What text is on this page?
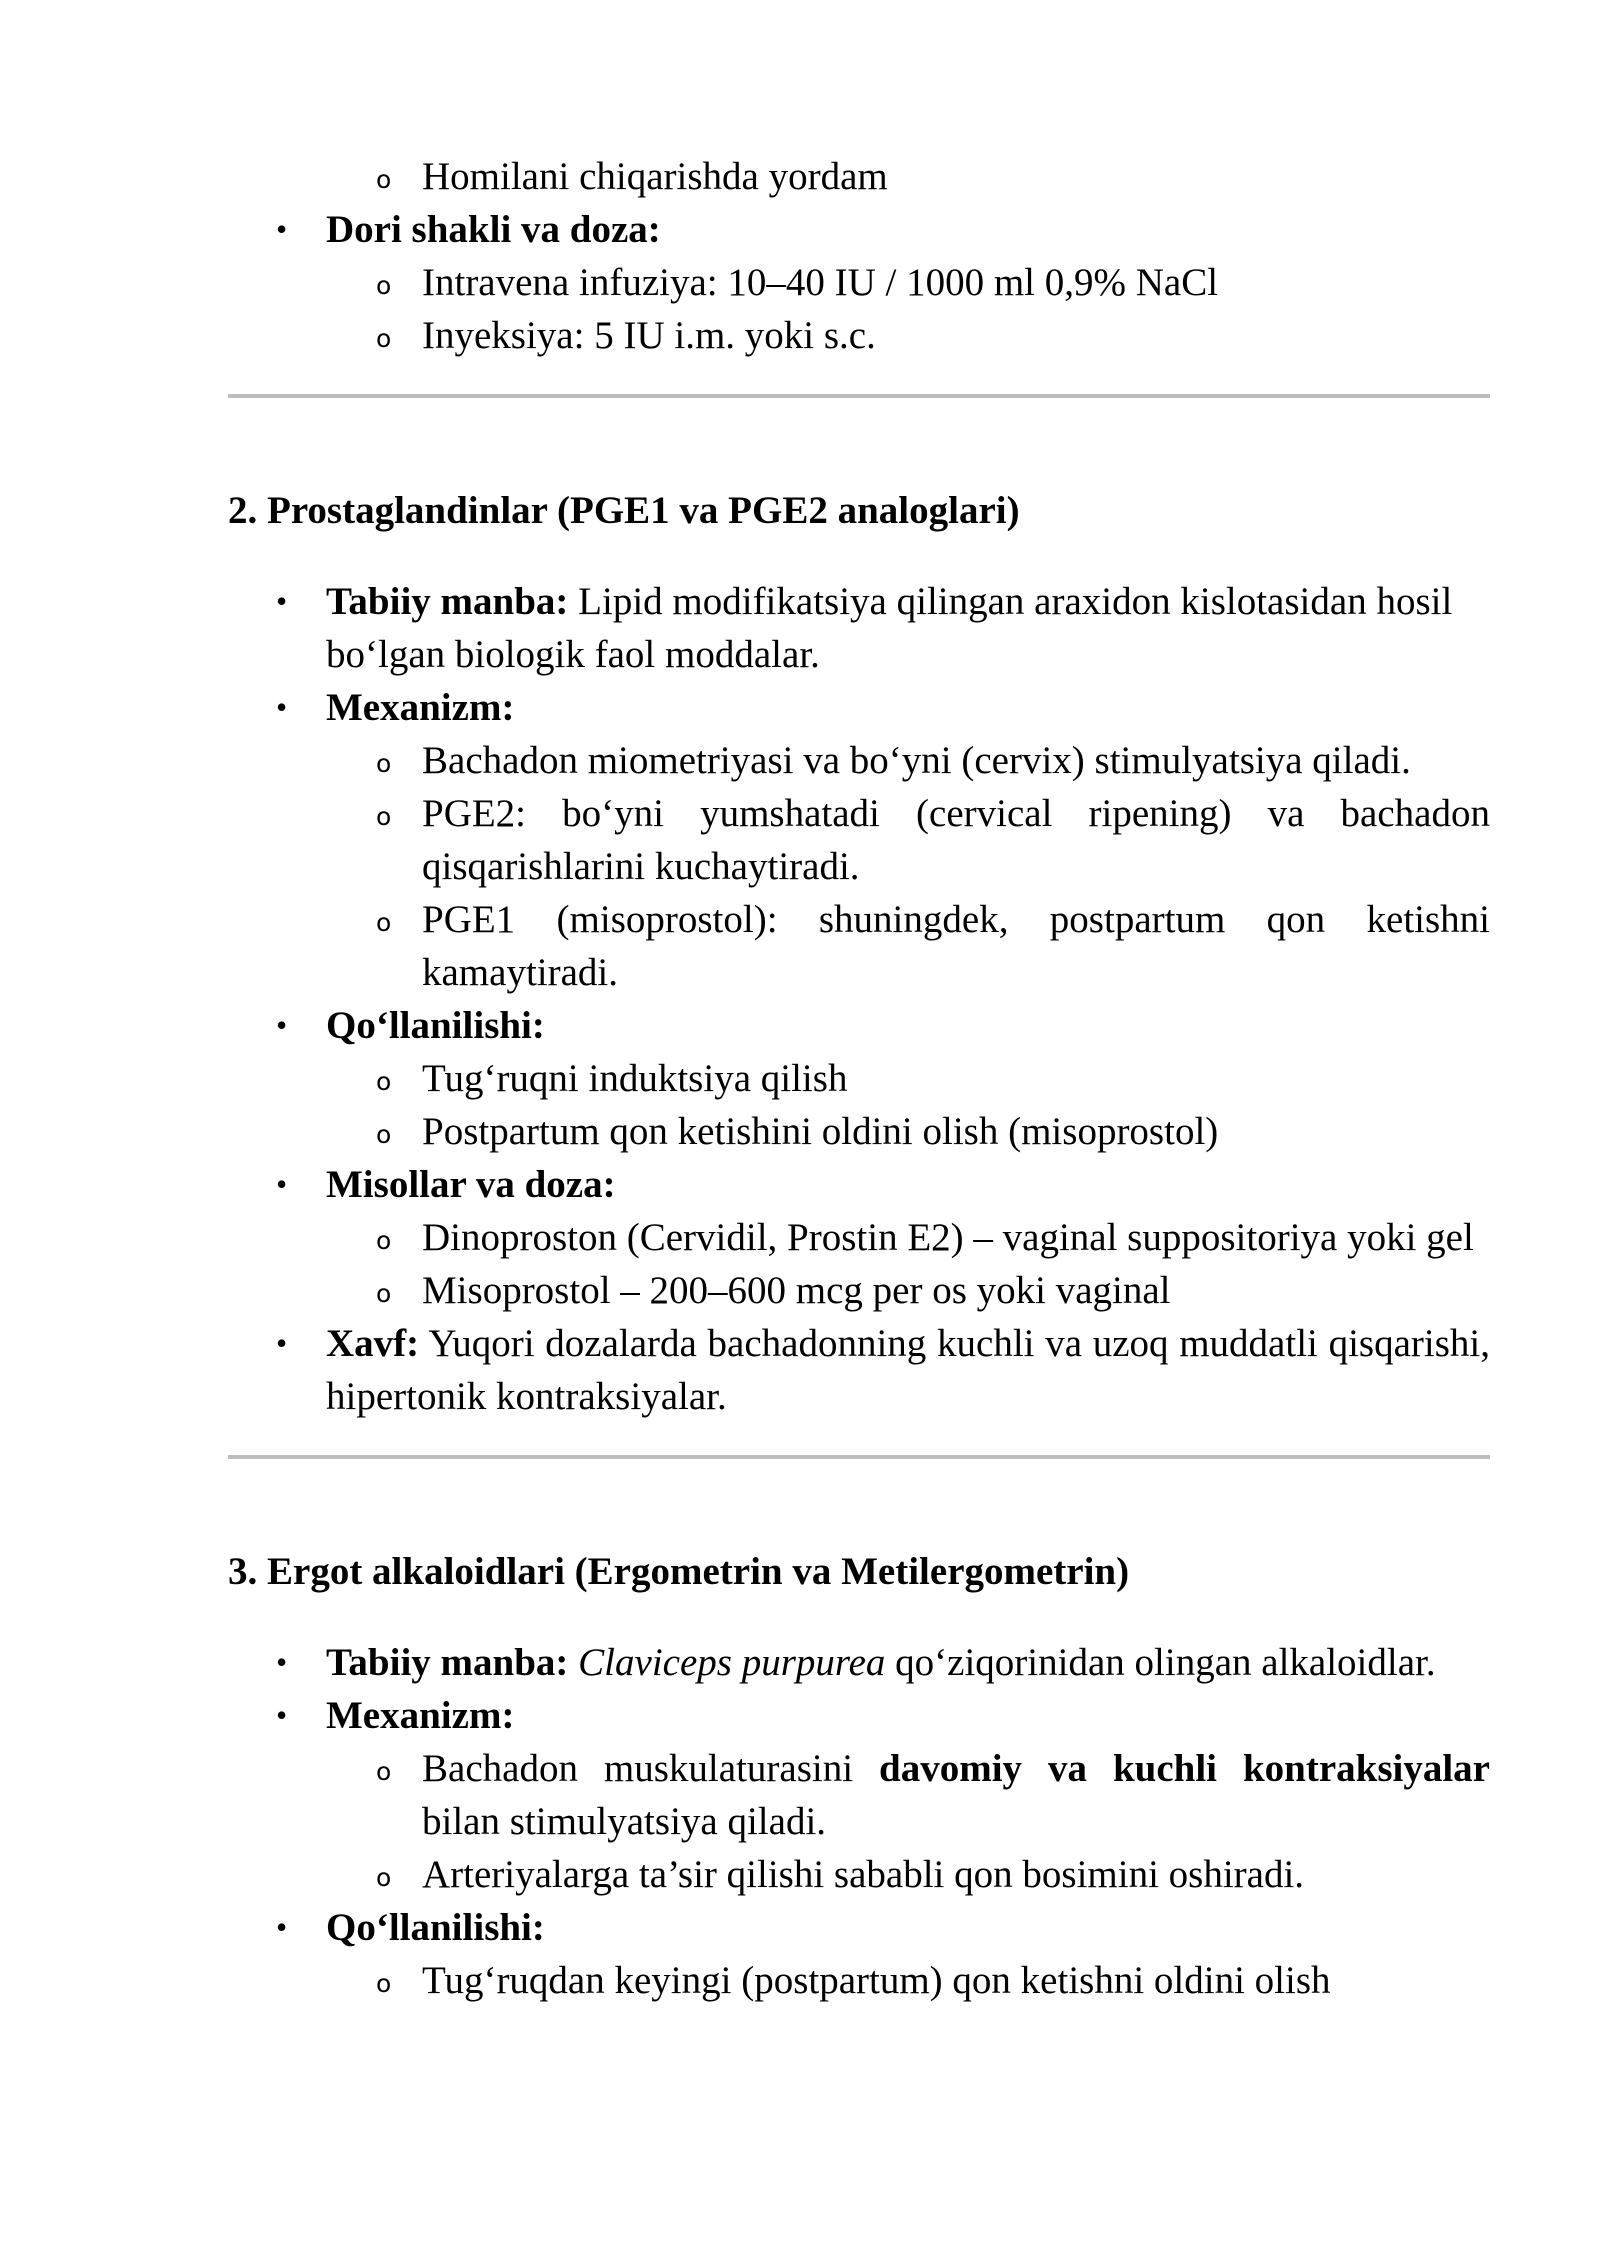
o Homilani chiqarishda yordam
• Dori shakli va doza:
o Intravena infuziya: 10–40 IU / 1000 ml 0,9% NaCl
o Inyeksiya: 5 IU i.m. yoki s.c.
2. Prostaglandinlar (PGE1 va PGE2 analoglari)
• Tabiiy manba: Lipid modifikatsiya qilingan araxidon kislotasidan hosil bo‘lgan biologik faol moddalar.
• Mexanizm:
o Bachadon miometriyasi va bo‘yni (cervix) stimulyatsiya qiladi.
o PGE2: bo‘yni yumshatadi (cervical ripening) va bachadon qisqarishlarini kuchaytiradi.
o PGE1 (misoprostol): shuningdek, postpartum qon ketishni kamaytiradi.
• Qo‘llanilishi:
o Tug‘ruqni induktsiya qilish
o Postpartum qon ketishini oldini olish (misoprostol)
• Misollar va doza:
o Dinoproston (Cervidil, Prostin E2) – vaginal suppositoriya yoki gel
o Misoprostol – 200–600 mcg per os yoki vaginal
• Xavf: Yuqori dozalarda bachadonning kuchli va uzoq muddatli qisqarishi, hipertonik kontraksiyalar.
3. Ergot alkaloidlari (Ergometrin va Metilergometrin)
• Tabiiy manba: Claviceps purpurea qo‘ziqorinidan olingan alkaloidlar.
• Mexanizm:
o Bachadon muskulaturasini davomiy va kuchli kontraksiyalar bilan stimulyatsiya qiladi.
o Arteriyalarga ta’sir qilishi sababli qon bosimini oshiradi.
• Qo‘llanilishi:
o Tug‘ruqdan keyingi (postpartum) qon ketishni oldini olish
